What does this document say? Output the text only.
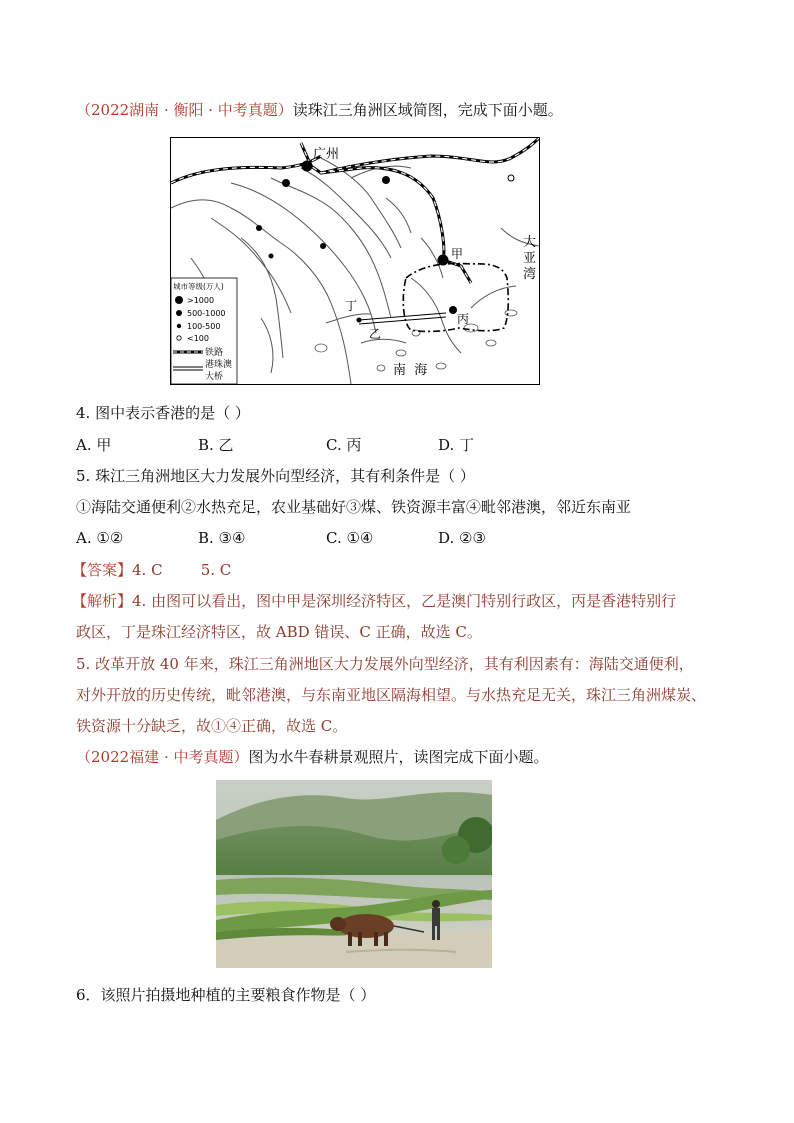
（2022湖南 · 衡阳 · 中考真题）读珠江三角洲区域简图，完成下面小题。
广州
甲
乙
丙
丁
大
亚
湾
南  海
城市等级(万人)
>1000
500-1000
100-500
<100
铁路
港珠澳
大桥
4. 图中表示香港的是（ ）
A. 甲	B. 乙	C. 丙	D. 丁
5. 珠江三角洲地区大力发展外向型经济，其有利条件是（ ）
①海陆交通便利②水热充足，农业基础好③煤、铁资源丰富④毗邻港澳，邻近东南亚
A. ①②	B. ③④	C. ①④	D. ②③
【答案】4. C        5. C
【解析】4. 由图可以看出，图中甲是深圳经济特区，乙是澳门特别行政区，丙是香港特别行
政区，丁是珠江经济特区，故 ABD 错误、C 正确，故选 C。
5. 改革开放 40 年来，珠江三角洲地区大力发展外向型经济，其有利因素有：海陆交通便利，
对外开放的历史传统，毗邻港澳，与东南亚地区隔海相望。与水热充足无关，珠江三角洲煤炭、
铁资源十分缺乏，故①④正确，故选 C。
（2022福建 · 中考真题）图为水牛春耕景观照片，读图完成下面小题。
6．该照片拍摄地种植的主要粮食作物是（ ）
